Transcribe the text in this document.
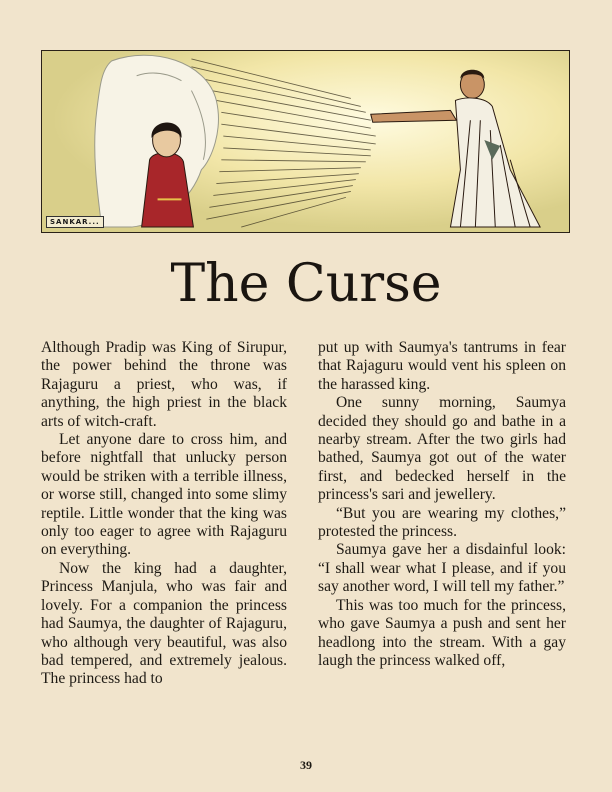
SANKAR...
The Curse

Although Pradip was King of Sirupur, the power behind the throne was Rajaguru a priest, who was, if anything, the high priest in the black arts of witch-craft.

Let anyone dare to cross him, and before nightfall that unlucky person would be striken with a terrible illness, or worse still, changed into some slimy reptile. Little wonder that the king was only too eager to agree with Rajaguru on everything.

Now the king had a daughter, Princess Manjula, who was fair and lovely. For a companion the princess had Saumya, the daughter of Rajaguru, who although very beautiful, was also bad tempered, and extremely jealous. The princess had to

put up with Saumya's tantrums in fear that Rajaguru would vent his spleen on the harassed king.

One sunny morning, Saumya decided they should go and bathe in a nearby stream. After the two girls had bathed, Saumya got out of the water first, and bedecked herself in the princess's sari and jewellery.

“But you are wearing my clothes,” protested the princess.

Saumya gave her a disdainful look: “I shall wear what I please, and if you say another word, I will tell my father.”

This was too much for the princess, who gave Saumya a push and sent her headlong into the stream. With a gay laugh the princess walked off,

39
